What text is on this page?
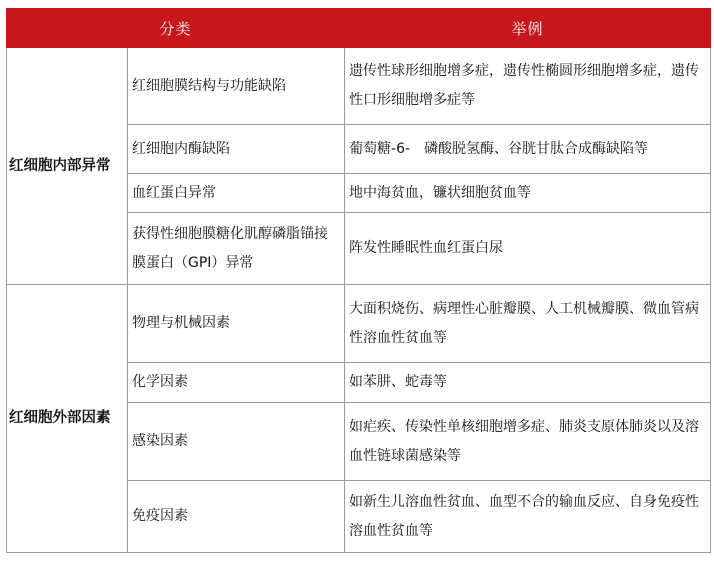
分类		举例
红细胞内部异常	红细胞膜结构与功能缺陷	遗传性球形细胞增多症，遗传性椭圆形细胞增多症，遗传性口形细胞增多症等
	红细胞内酶缺陷	葡萄糖-6-　磷酸脱氢酶、谷胱甘肽合成酶缺陷等
	血红蛋白异常	地中海贫血，镰状细胞贫血等
	获得性细胞膜糖化肌醇磷脂锚接膜蛋白（GPI）异常	阵发性睡眠性血红蛋白尿
红细胞外部因素	物理与机械因素	大面积烧伤、病理性心脏瓣膜、人工机械瓣膜、微血管病性溶血性贫血等
	化学因素	如苯肼、蛇毒等
	感染因素	如疟疾、传染性单核细胞增多症、肺炎支原体肺炎以及溶血性链球菌感染等
	免疫因素	如新生儿溶血性贫血、血型不合的输血反应、自身免疫性溶血性贫血等
